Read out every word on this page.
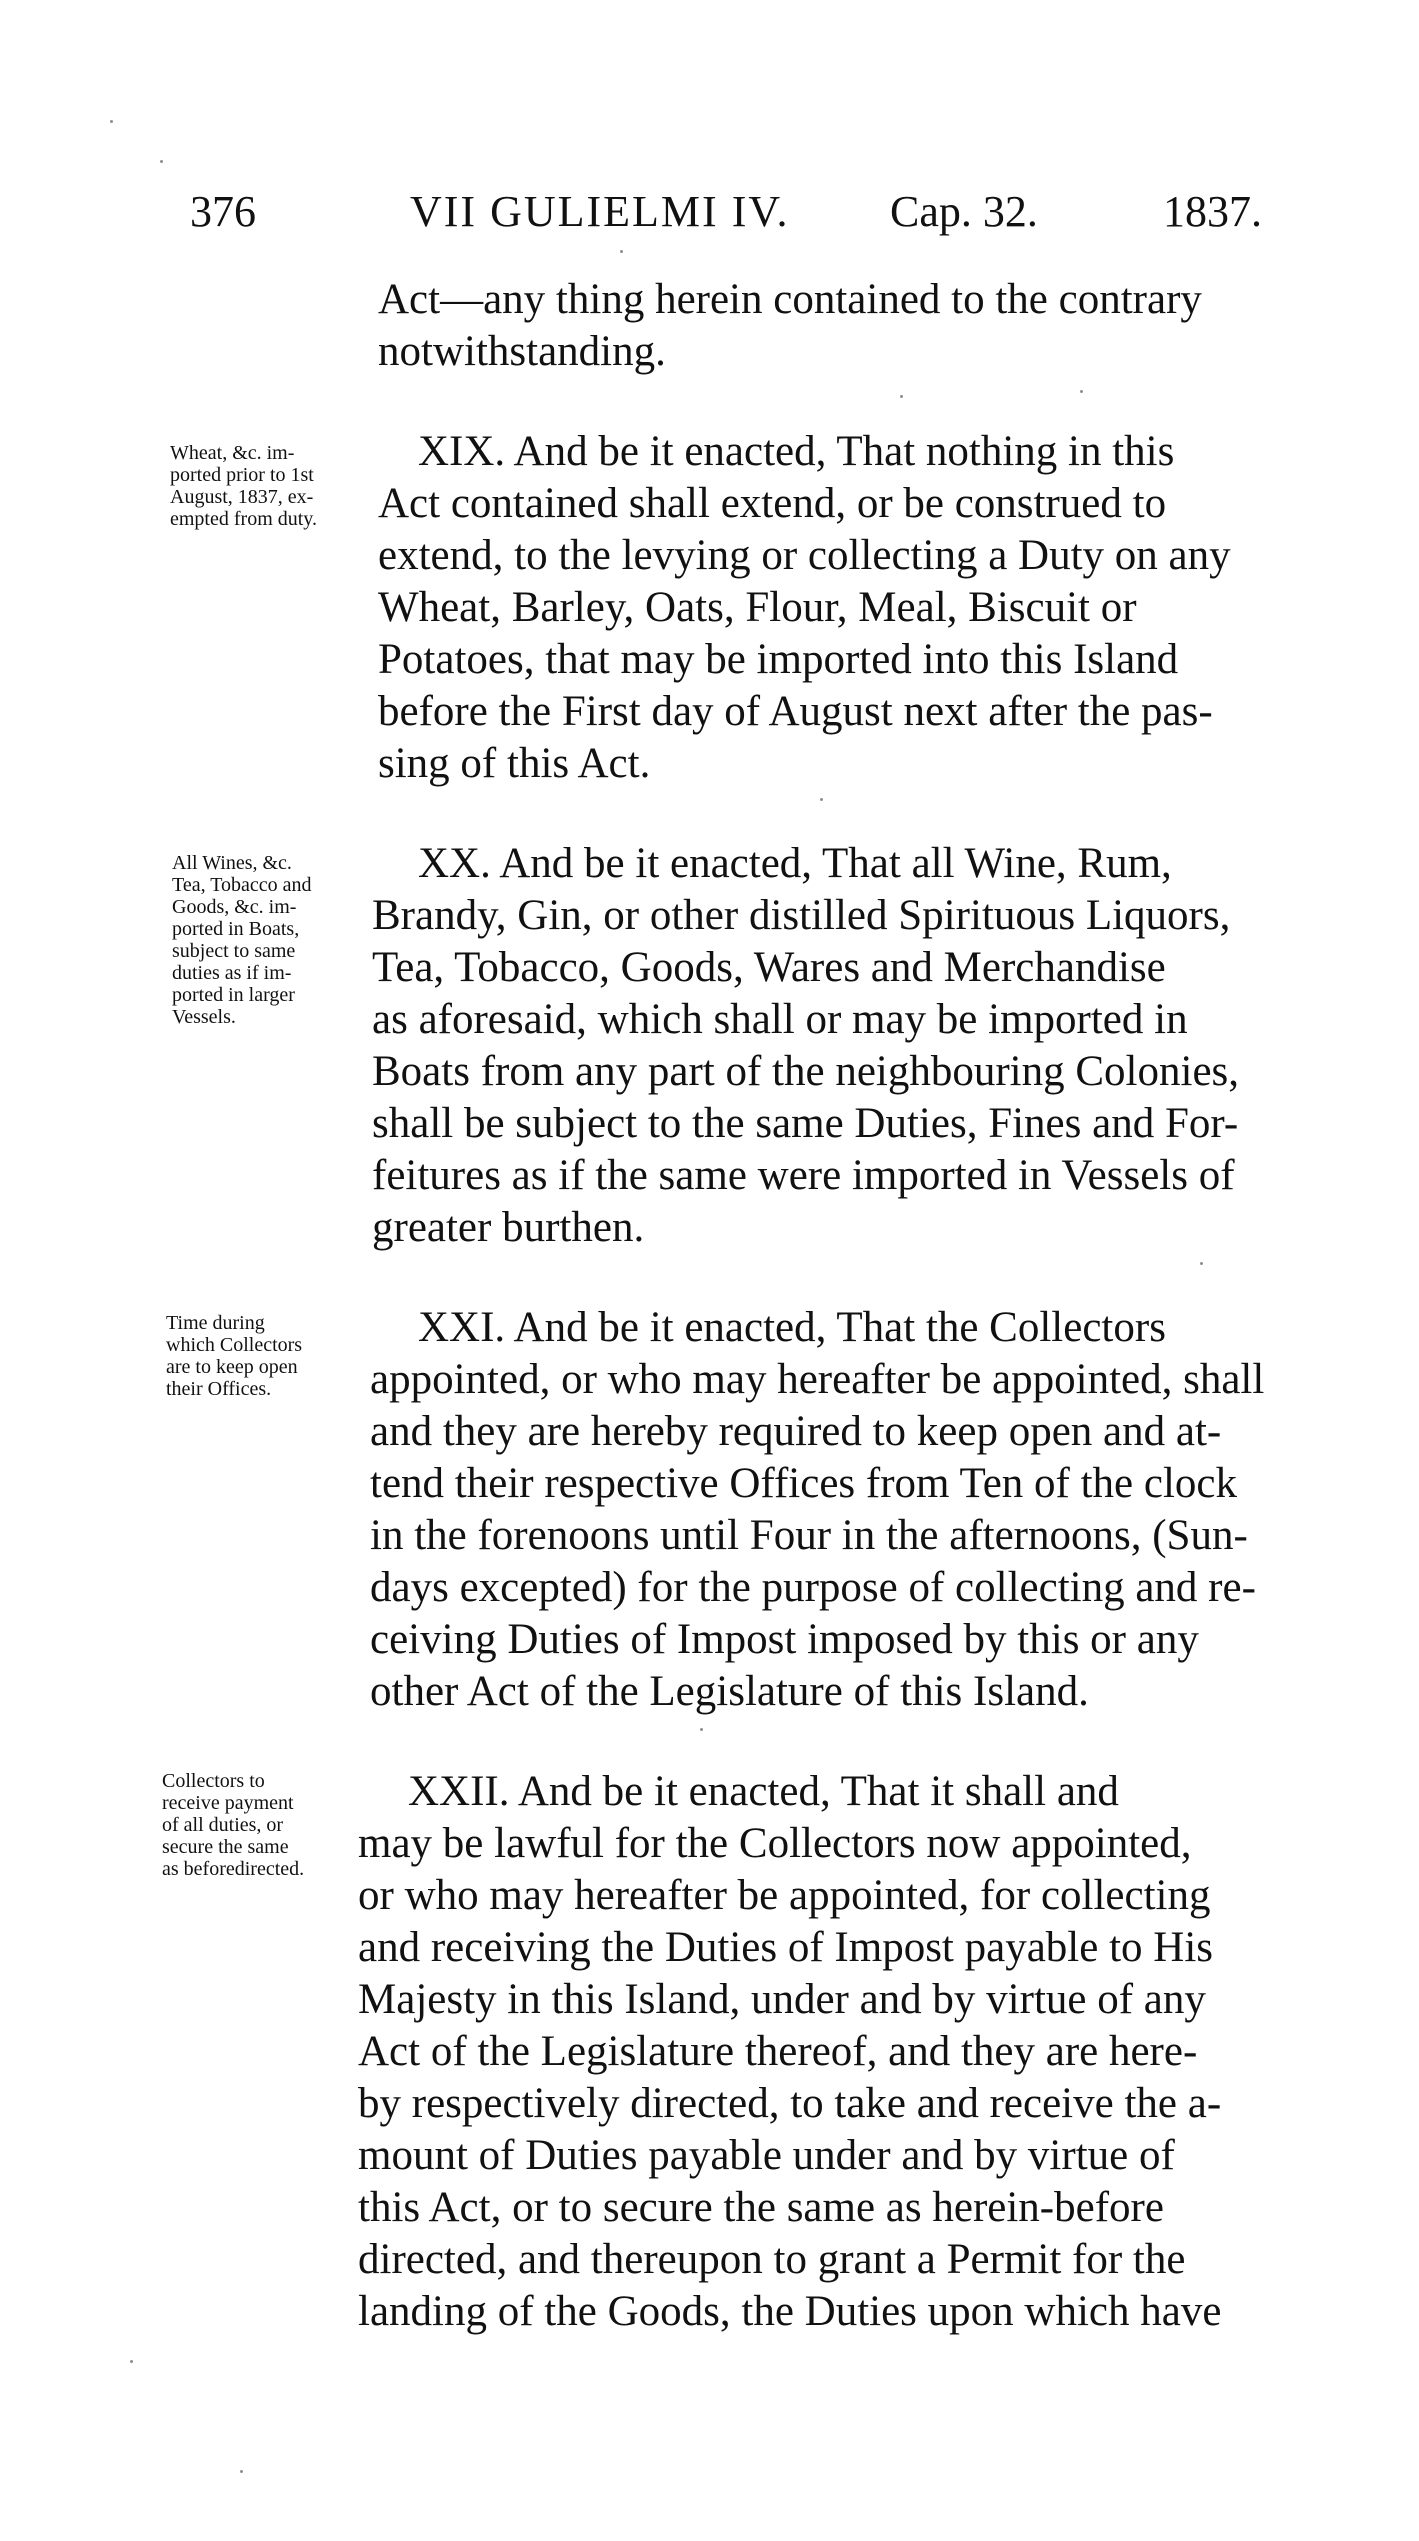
376	VII GULIELMI IV. Cap. 32.	1837.
Act—any thing herein contained to the contrary
notwithstanding.
XIX. And be it enacted, That nothing in this
Act contained shall extend, or be construed to
extend, to the levying or collecting a Duty on any
Wheat, Barley, Oats, Flour, Meal, Biscuit or
Potatoes, that may be imported into this Island
before the First day of August next after the pas-
sing of this Act.
XX. And be it enacted, That all Wine, Rum,
Brandy, Gin, or other distilled Spirituous Liquors,
Tea, Tobacco, Goods, Wares and Merchandise
as aforesaid, which shall or may be imported in
Boats from any part of the neighbouring Colonies,
shall be subject to the same Duties, Fines and For-
feitures as if the same were imported in Vessels of
greater burthen.
XXI. And be it enacted, That the Collectors
appointed, or who may hereafter be appointed, shall
and they are hereby required to keep open and at-
tend their respective Offices from Ten of the clock
in the forenoons until Four in the afternoons, (Sun-
days excepted) for the purpose of collecting and re-
ceiving Duties of Impost imposed by this or any
other Act of the Legislature of this Island.
XXII. And be it enacted, That it shall and
may be lawful for the Collectors now appointed,
or who may hereafter be appointed, for collecting
and receiving the Duties of Impost payable to His
Majesty in this Island, under and by virtue of any
Act of the Legislature thereof, and they are here-
by respectively directed, to take and receive the a-
mount of Duties payable under and by virtue of
this Act, or to secure the same as herein-before
directed, and thereupon to grant a Permit for the
landing of the Goods, the Duties upon which have
Wheat, &c. im-
ported prior to 1st
August, 1837, ex-
empted from duty.
All Wines, &c.
Tea, Tobacco and
Goods, &c. im-
ported in Boats,
subject to same
duties as if im-
ported in larger
Vessels.
Time during
which Collectors
are to keep open
their Offices.
Collectors to
receive payment
of all duties, or
secure the same
as beforedirected.
